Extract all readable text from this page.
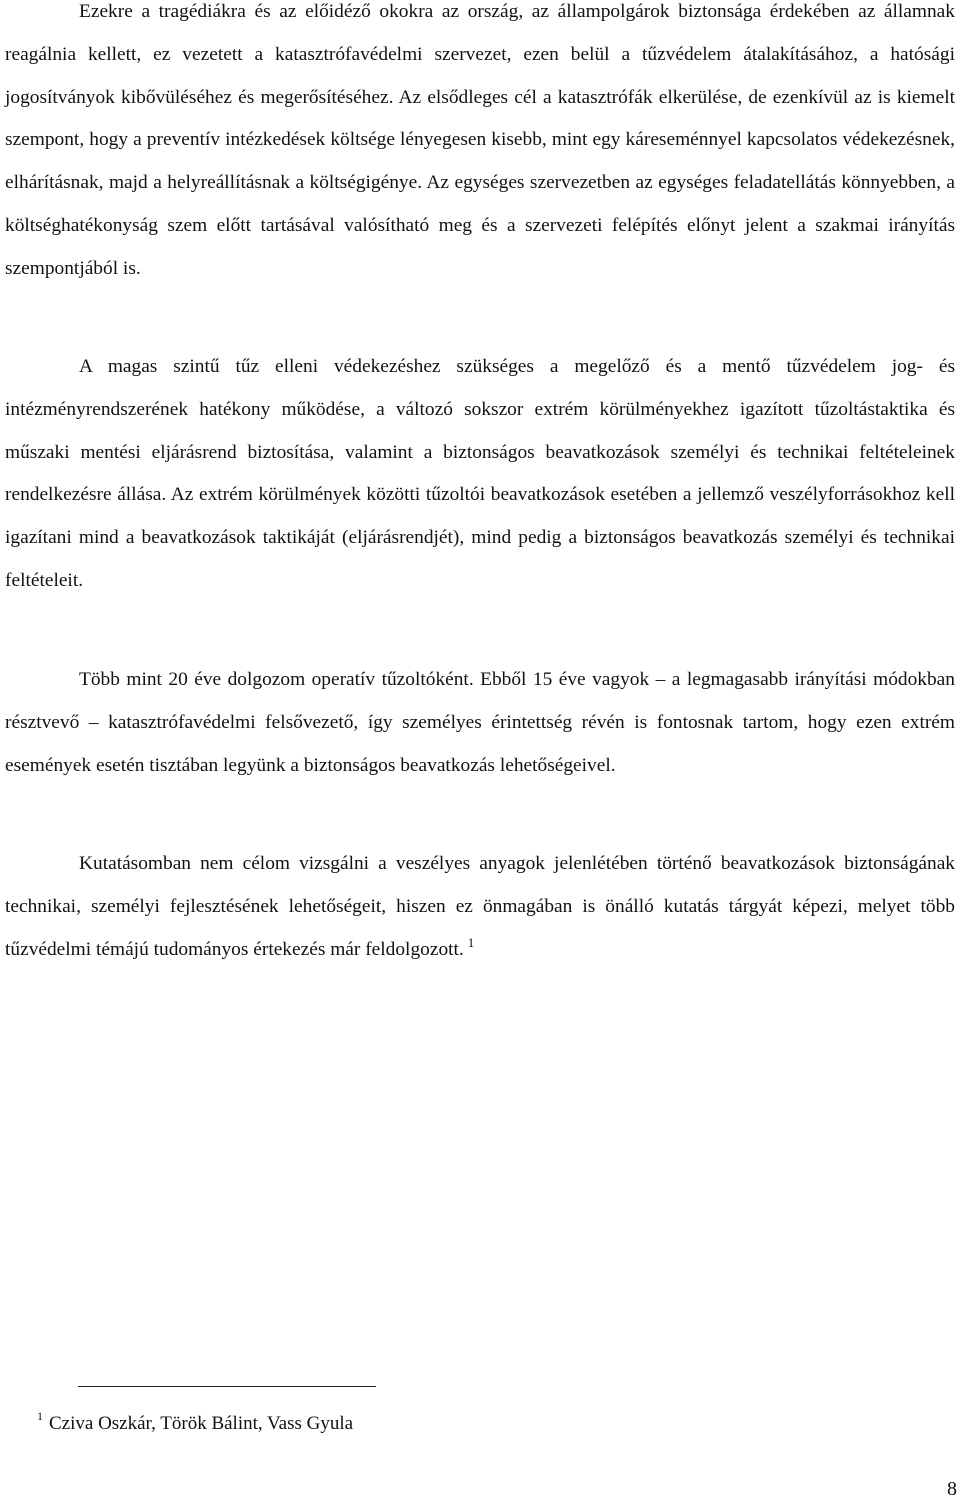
Ezekre a tragédiákra és az előidéző okokra az ország, az állampolgárok biztonsága érdekében az államnak reagálnia kellett, ez vezetett a katasztrófavédelmi szervezet, ezen belül a tűzvédelem átalakításához, a hatósági jogosítványok kibővüléséhez és megerősítéséhez. Az elsődleges cél a katasztrófák elkerülése, de ezenkívül az is kiemelt szempont, hogy a preventív intézkedések költsége lényegesen kisebb, mint egy káreseménnyel kapcsolatos védekezésnek, elhárításnak, majd a helyreállításnak a költségigénye. Az egységes szervezetben az egységes feladatellátás könnyebben, a költséghatékonyság szem előtt tartásával valósítható meg és a szervezeti felépítés előnyt jelent a szakmai irányítás szempontjából is.

A magas szintű tűz elleni védekezéshez szükséges a megelőző és a mentő tűzvédelem jog- és intézményrendszerének hatékony működése, a változó sokszor extrém körülményekhez igazított tűzoltástaktika és műszaki mentési eljárásrend biztosítása, valamint a biztonságos beavatkozások személyi és technikai feltételeinek rendelkezésre állása. Az extrém körülmények közötti tűzoltói beavatkozások esetében a jellemző veszélyforrásokhoz kell igazítani mind a beavatkozások taktikáját (eljárásrendjét), mind pedig a biztonságos beavatkozás személyi és technikai feltételeit.

Több mint 20 éve dolgozom operatív tűzoltóként. Ebből 15 éve vagyok – a legmagasabb irányítási módokban résztvevő – katasztrófavédelmi felsővezető, így személyes érintettség révén is fontosnak tartom, hogy ezen extrém események esetén tisztában legyünk a biztonságos beavatkozás lehetőségeivel.

Kutatásomban nem célom vizsgálni a veszélyes anyagok jelenlétében történő beavatkozások biztonságának technikai, személyi fejlesztésének lehetőségeit, hiszen ez önmagában is önálló kutatás tárgyát képezi, melyet több tűzvédelmi témájú tudományos értekezés már feldolgozott. $^1$

$^1$ Cziva Oszkár, Török Bálint, Vass Gyula
8
